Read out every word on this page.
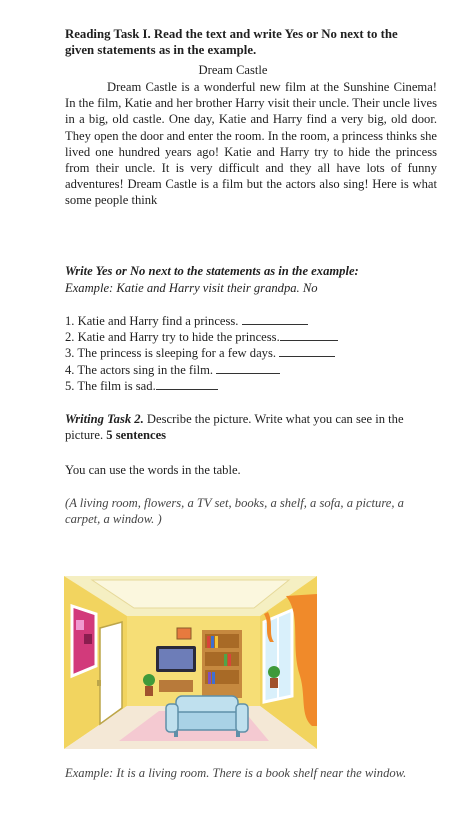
Reading Task I. Read the text and write Yes or No next to the given statements as in the example.
Dream Castle
Dream Castle is a wonderful new film at the Sunshine Cinema! In the film, Katie and her brother Harry visit their uncle. Their uncle lives in a big, old castle. One day, Katie and Harry find a very big, old door. They open the door and enter the room. In the room, a princess thinks she lived one hundred years ago! Katie and Harry try to hide the princess from their uncle. It is very difficult and they all have lots of funny adventures! Dream Castle is a film but the actors also sing! Here is what some people think
Write Yes or No next to the statements as in the example:
Example: Katie and Harry visit their grandpa. No
1. Katie and Harry find a princess.
2. Katie and Harry try to hide the princess.
3. The princess is sleeping for a few days.
4. The actors sing in the film.
5. The film is sad.
Writing Task 2. Describe the picture. Write what you can see in the picture. 5 sentences
You can use the words in the table.
(A living room, flowers, a TV set, books, a shelf, a sofa, a picture, a carpet, a window. )
Example: It is a living room. There is a book shelf near the window.
